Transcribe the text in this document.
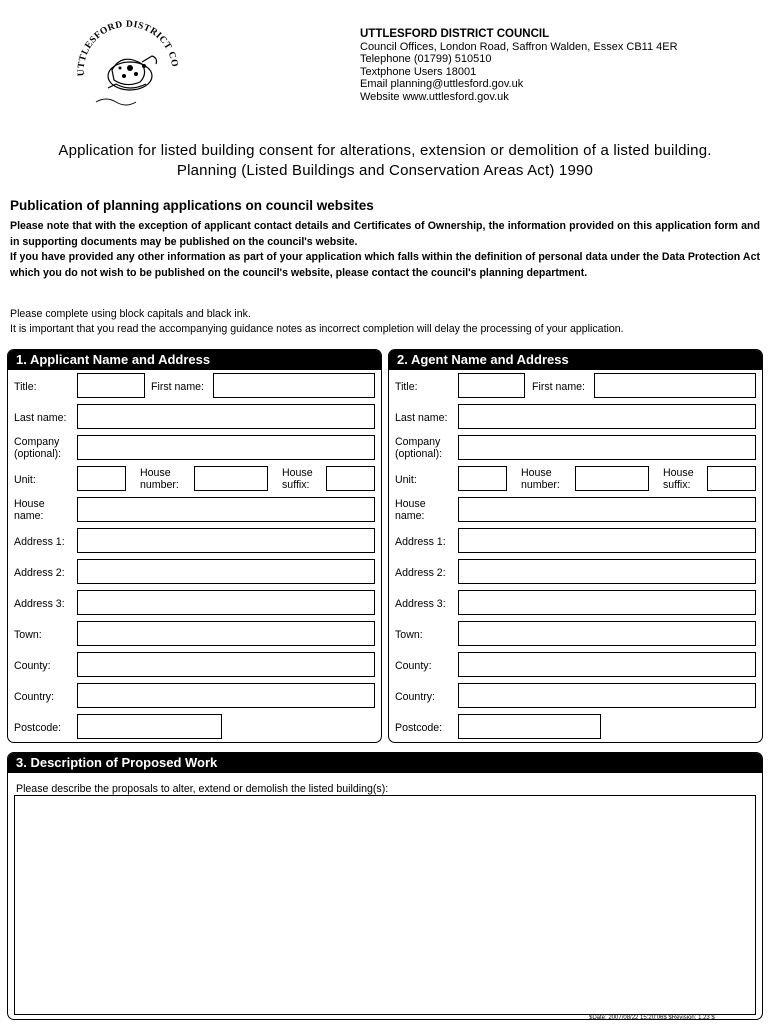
UTTLESFORD DISTRICT CO
UTTLESFORD DISTRICT COUNCIL
Council Offices, London Road, Saffron Walden, Essex CB11 4ER
Telephone (01799) 510510
Textphone Users 18001
Email planning@uttlesford.gov.uk
Website www.uttlesford.gov.uk
Application for listed building consent for alterations, extension or demolition of a listed building.
Planning (Listed Buildings and Conservation Areas Act) 1990
Publication of planning applications on council websites
Please note that with the exception of applicant contact details and Certificates of Ownership, the information provided on this application form and in supporting documents may be published on the council's website.
If you have provided any other information as part of your application which falls within the definition of personal data under the Data Protection Act which you do not wish to be published on the council's website, please contact the council's planning department.
Please complete using block capitals and black ink.
It is important that you read the accompanying guidance notes as incorrect completion will delay the processing of your application.
1. Applicant Name and Address
Title:	First name:
Last name:
Company
(optional):
Unit:
House
number:
House
suffix:
House
name:
Address 1:
Address 2:
Address 3:
Town:
County:
Country:
Postcode:
2. Agent Name and Address
Title:	First name:
Last name:
Company
(optional):
Unit:
House
number:
House
suffix:
House
name:
Address 1:
Address 2:
Address 3:
Town:
County:
Country:
Postcode:
3. Description of Proposed Work
Please describe the proposals to alter, extend or demolish the listed building(s):
$Date: 2007/08/22 15:20:06$ $Revision: 1.23 $
